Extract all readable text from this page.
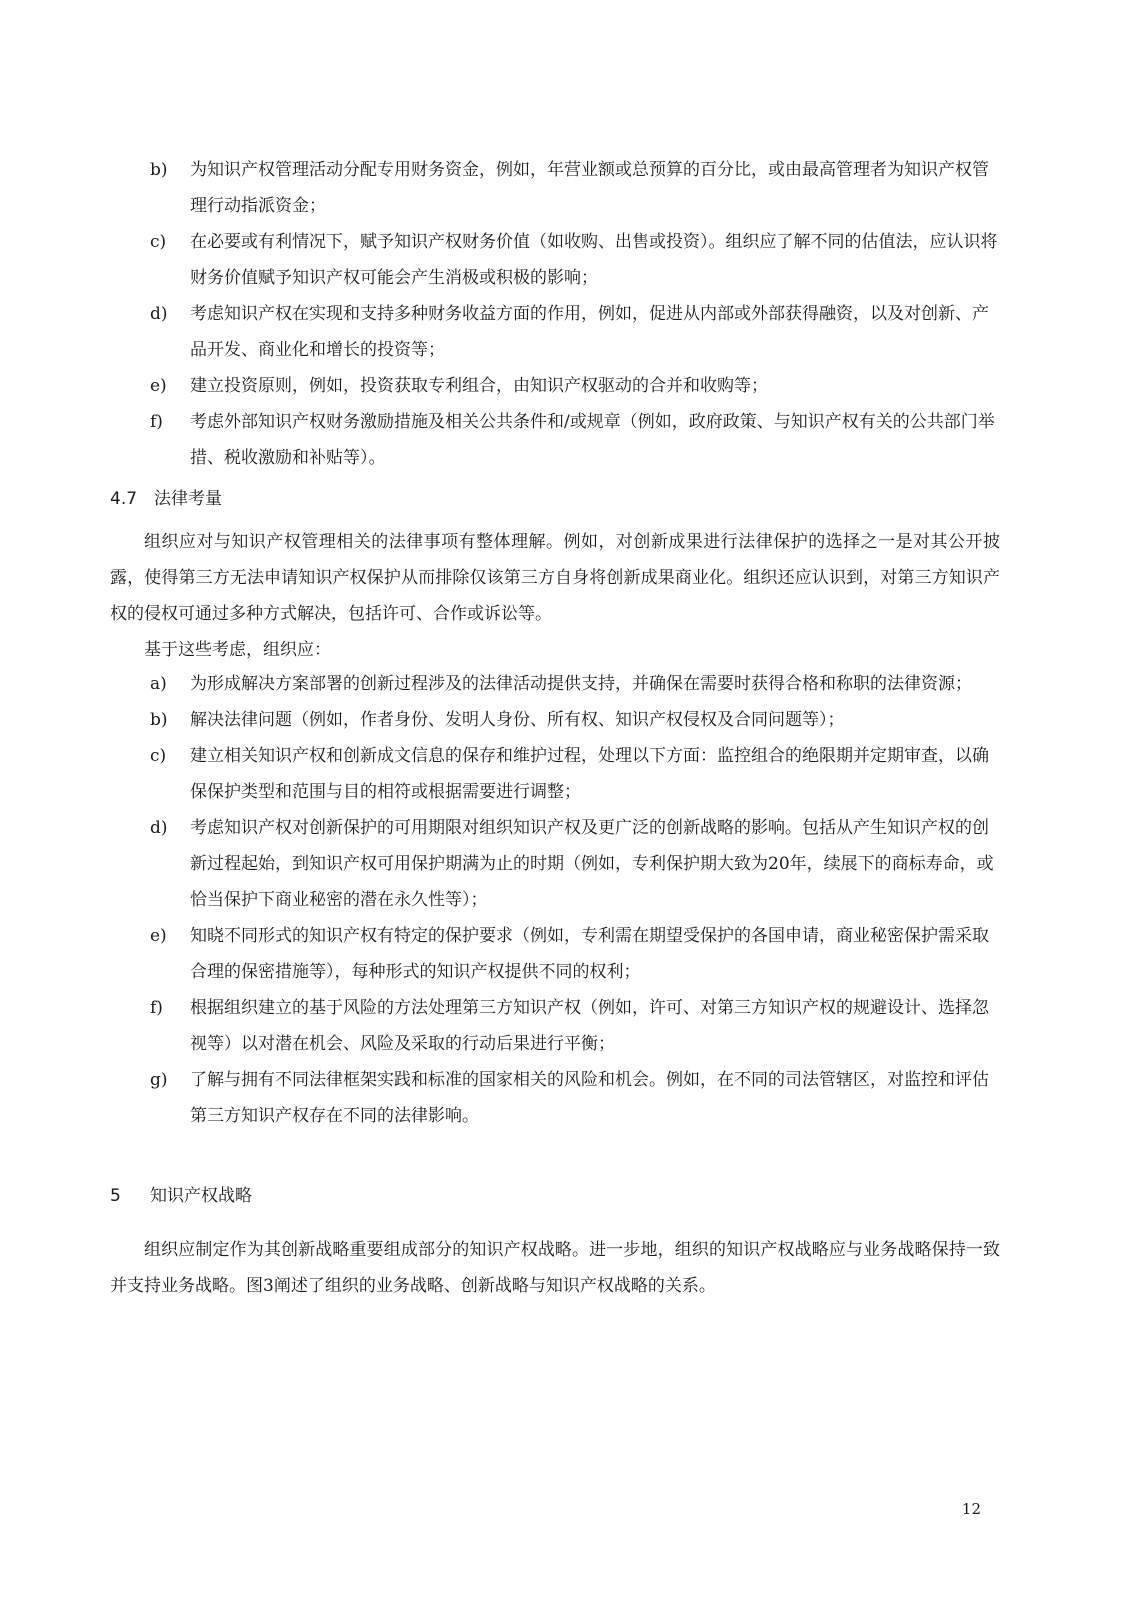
b)	为知识产权管理活动分配专用财务资金，例如，年营业额或总预算的百分比，或由最高管理者为知识产权管理行动指派资金；
c)	在必要或有利情况下，赋予知识产权财务价值（如收购、出售或投资）。组织应了解不同的估值法，应认识将财务价值赋予知识产权可能会产生消极或积极的影响；
d)	考虑知识产权在实现和支持多种财务收益方面的作用，例如，促进从内部或外部获得融资，以及对创新、产品开发、商业化和增长的投资等；
e)	建立投资原则，例如，投资获取专利组合，由知识产权驱动的合并和收购等；
f)	考虑外部知识产权财务激励措施及相关公共条件和/或规章（例如，政府政策、与知识产权有关的公共部门举措、税收激励和补贴等）。
4.7 法律考量

组织应对与知识产权管理相关的法律事项有整体理解。例如，对创新成果进行法律保护的选择之一是对其公开披露，使得第三方无法申请知识产权保护从而排除仅该第三方自身将创新成果商业化。组织还应认识到，对第三方知识产权的侵权可通过多种方式解决，包括许可、合作或诉讼等。

基于这些考虑，组织应：

a)	为形成解决方案部署的创新过程涉及的法律活动提供支持，并确保在需要时获得合格和称职的法律资源；
b)	解决法律问题（例如，作者身份、发明人身份、所有权、知识产权侵权及合同问题等）；
c)	建立相关知识产权和创新成文信息的保存和维护过程，处理以下方面：监控组合的绝限期并定期审查，以确保保护类型和范围与目的相符或根据需要进行调整；
d)	考虑知识产权对创新保护的可用期限对组织知识产权及更广泛的创新战略的影响。包括从产生知识产权的创新过程起始，到知识产权可用保护期满为止的时期（例如，专利保护期大致为20年，续展下的商标寿命，或恰当保护下商业秘密的潜在永久性等）；
e)	知晓不同形式的知识产权有特定的保护要求（例如，专利需在期望受保护的各国申请，商业秘密保护需采取合理的保密措施等），每种形式的知识产权提供不同的权利；
f)	根据组织建立的基于风险的方法处理第三方知识产权（例如，许可、对第三方知识产权的规避设计、选择忽视等）以对潜在机会、风险及采取的行动后果进行平衡；
g)	了解与拥有不同法律框架实践和标准的国家相关的风险和机会。例如，在不同的司法管辖区，对监控和评估第三方知识产权存在不同的法律影响。
5 知识产权战略

组织应制定作为其创新战略重要组成部分的知识产权战略。进一步地，组织的知识产权战略应与业务战略保持一致并支持业务战略。图3阐述了组织的业务战略、创新战略与知识产权战略的关系。

12
